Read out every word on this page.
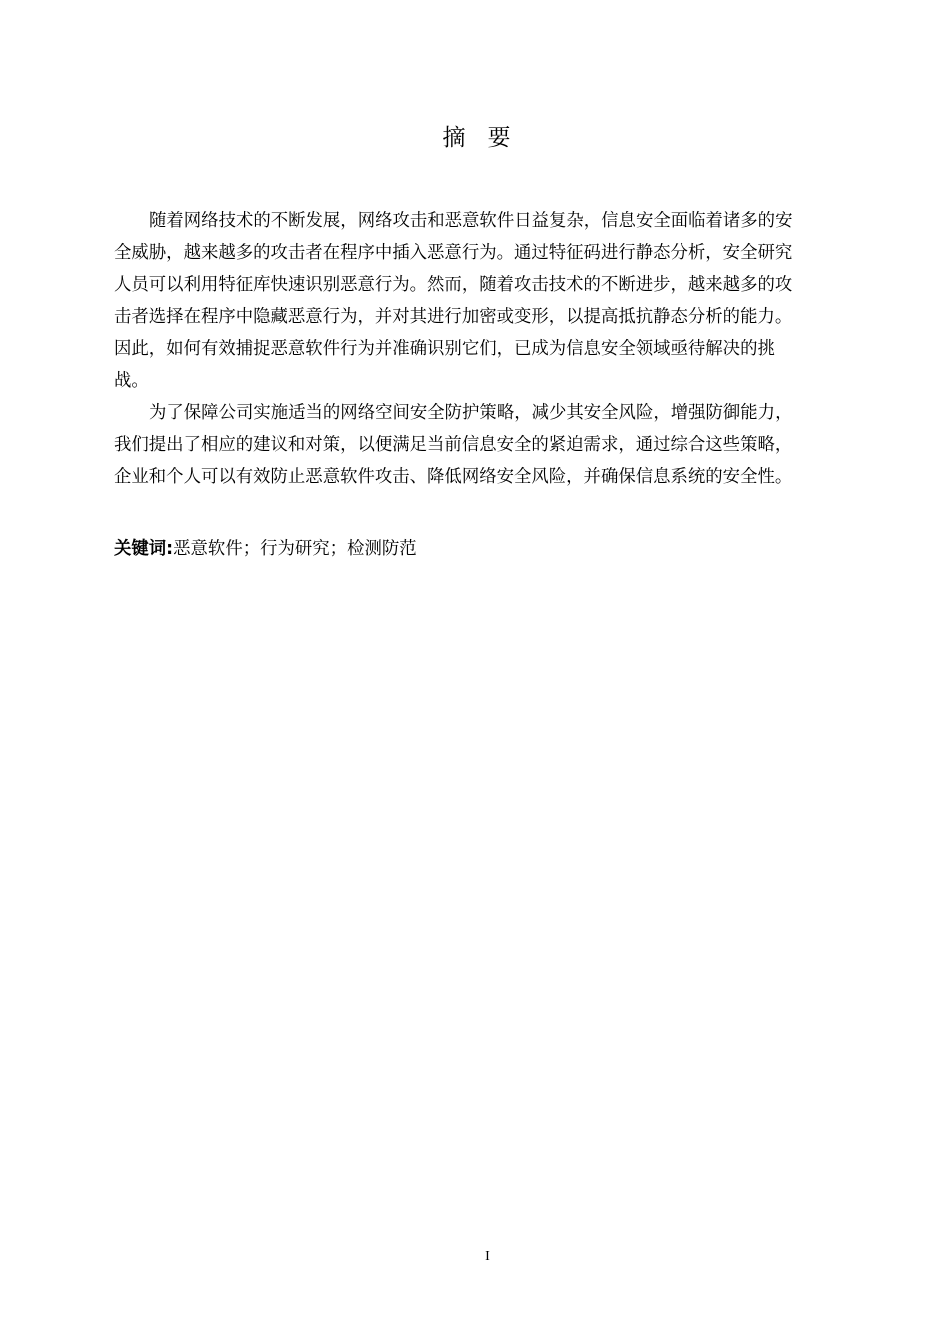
摘要
随着网络技术的不断发展，网络攻击和恶意软件日益复杂，信息安全面临着诸多的安
全威胁，越来越多的攻击者在程序中插入恶意行为。通过特征码进行静态分析，安全研究
人员可以利用特征库快速识别恶意行为。然而，随着攻击技术的不断进步，越来越多的攻
击者选择在程序中隐藏恶意行为，并对其进行加密或变形，以提高抵抗静态分析的能力。
因此，如何有效捕捉恶意软件行为并准确识别它们，已成为信息安全领域亟待解决的挑
战。
为了保障公司实施适当的网络空间安全防护策略，减少其安全风险，增强防御能力，
我们提出了相应的建议和对策，以便满足当前信息安全的紧迫需求，通过综合这些策略，
企业和个人可以有效防止恶意软件攻击、降低网络安全风险，并确保信息系统的安全性。
关键词:恶意软件；行为研究；检测防范
I
